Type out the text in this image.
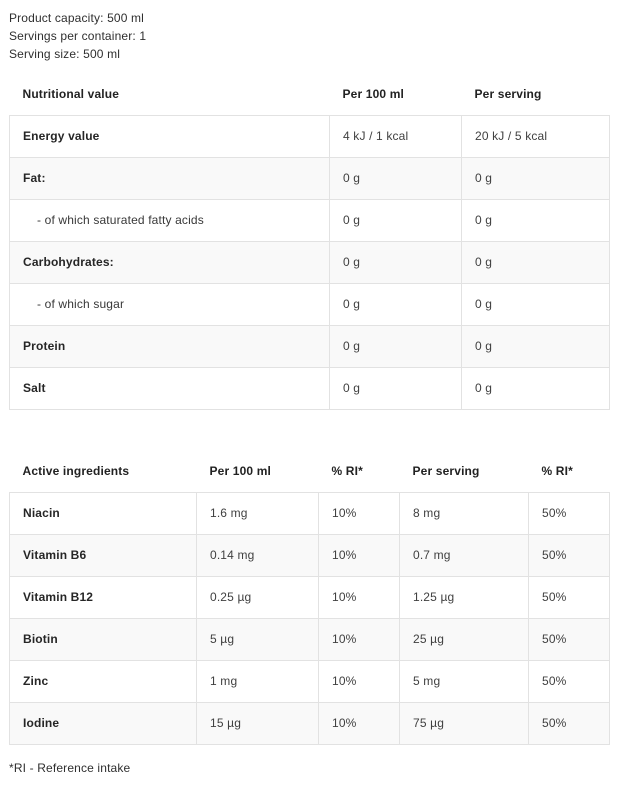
Product capacity: 500 ml

Servings per container: 1

Serving size: 500 ml

Nutritional value	Per 100 ml	Per serving
Energy value	4 kJ / 1 kcal	20 kJ / 5 kcal
Fat:	0 g	0 g
- of which saturated fatty acids	0 g	0 g
Carbohydrates:	0 g	0 g
- of which sugar	0 g	0 g
Protein	0 g	0 g
Salt	0 g	0 g
Active ingredients	Per 100 ml	% RI*	Per serving	% RI*
Niacin	1.6 mg	10%	8 mg	50%
Vitamin B6	0.14 mg	10%	0.7 mg	50%
Vitamin B12	0.25 µg	10%	1.25 µg	50%
Biotin	5 µg	10%	25 µg	50%
Zinc	1 mg	10%	5 mg	50%
Iodine	15 µg	10%	75 µg	50%

*RI - Reference intake
